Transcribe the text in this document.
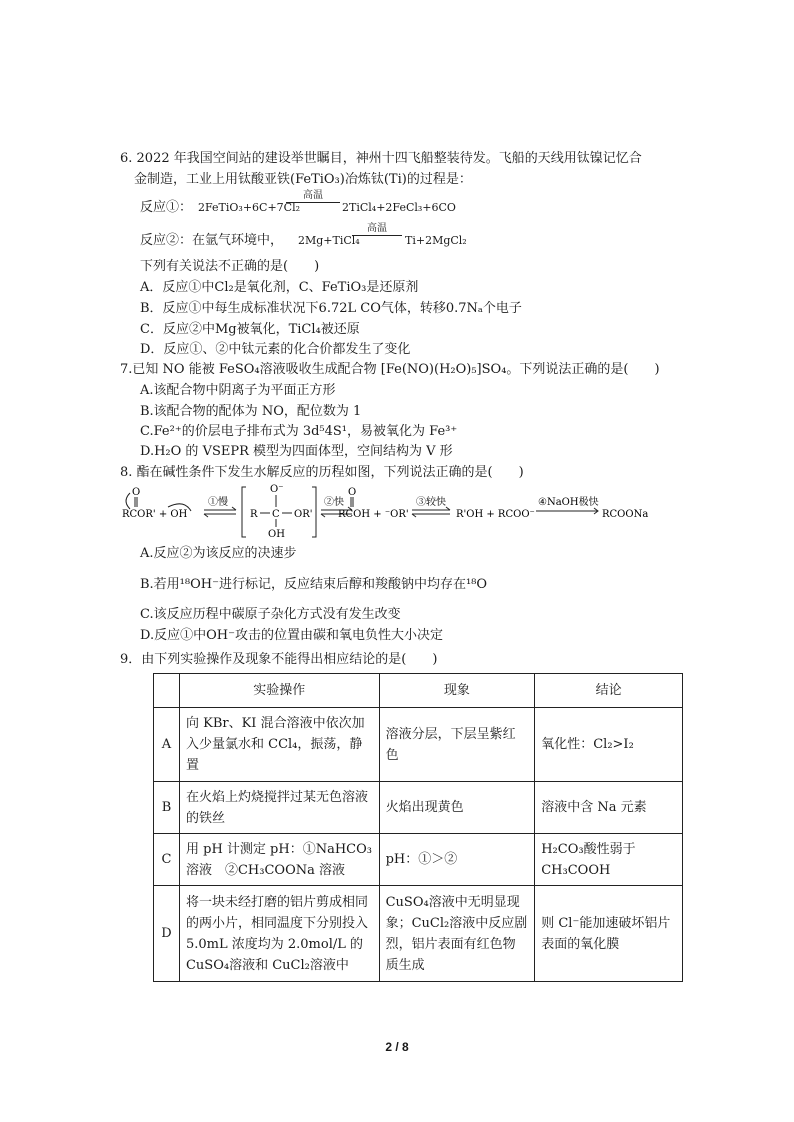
6. 2022 年我国空间站的建设举世瞩目，神州十四飞船整装待发。飞船的天线用钛镍记忆合
金制造，工业上用钛酸亚铁(FeTiO₃)冶炼钛(Ti)的过程是：
反应①： 2FeTiO₃+6C+7Cl₂
高温
2TiCl₄+2FeCl₃+6CO
反应②：在氩气环境中， 2Mg+TiCl₄
高温
Ti+2MgCl₂
下列有关说法不正确的是(　　)
A．反应①中Cl₂是氧化剂，C、FeTiO₃是还原剂
B．反应①中每生成标准状况下6.72L CO气体，转移0.7Nₐ个电子
C．反应②中Mg被氧化，TiCl₄被还原
D．反应①、②中钛元素的化合价都发生了变化
7.已知 NO 能被 FeSO₄溶液吸收生成配合物 [Fe(NO)(H₂O)₅]SO₄。下列说法正确的是(　　)
A.该配合物中阴离子为平面正方形
B.该配合物的配体为 NO，配位数为 1
C.Fe²⁺的价层电子排布式为 3d⁵4S¹，易被氧化为 Fe³⁺
D.H₂O 的 VSEPR 模型为四面体型，空间结构为 V 形
8. 酯在碱性条件下发生水解反应的历程如图，下列说法正确的是(　　)
O
RCOR' + OH
①慢
R C
O⁻
OH
OR'
②快
O
RCOH + ⁻OR'
③较快
R'OH + RCOO⁻
④NaOH极快
RCOONa
A.反应②为该反应的决速步
B.若用¹⁸OH⁻进行标记，反应结束后醇和羧酸钠中均存在¹⁸O
C.该反应历程中碳原子杂化方式没有发生改变
D.反应①中OH⁻攻击的位置由碳和氧电负性大小决定
9．由下列实验操作及现象不能得出相应结论的是(　　)
	实验操作	现象	结论
A	向 KBr、KI 混合溶液中依次加入少量氯水和 CCl₄，振荡，静置	溶液分层，下层呈紫红色	氧化性：Cl₂>I₂
B	在火焰上灼烧搅拌过某无色溶液的铁丝	火焰出现黄色	溶液中含 Na 元素
C	用 pH 计测定 pH：①NaHCO₃溶液　②CH₃COONa 溶液	pH：①＞②	H₂CO₃酸性弱于CH₃COOH
D	将一块未经打磨的铝片剪成相同的两小片，相同温度下分别投入 5.0mL 浓度均为 2.0mol/L 的 CuSO₄溶液和 CuCl₂溶液中	CuSO₄溶液中无明显现象；CuCl₂溶液中反应剧烈，铝片表面有红色物质生成	则 Cl⁻能加速破坏铝片表面的氧化膜
2 / 8
